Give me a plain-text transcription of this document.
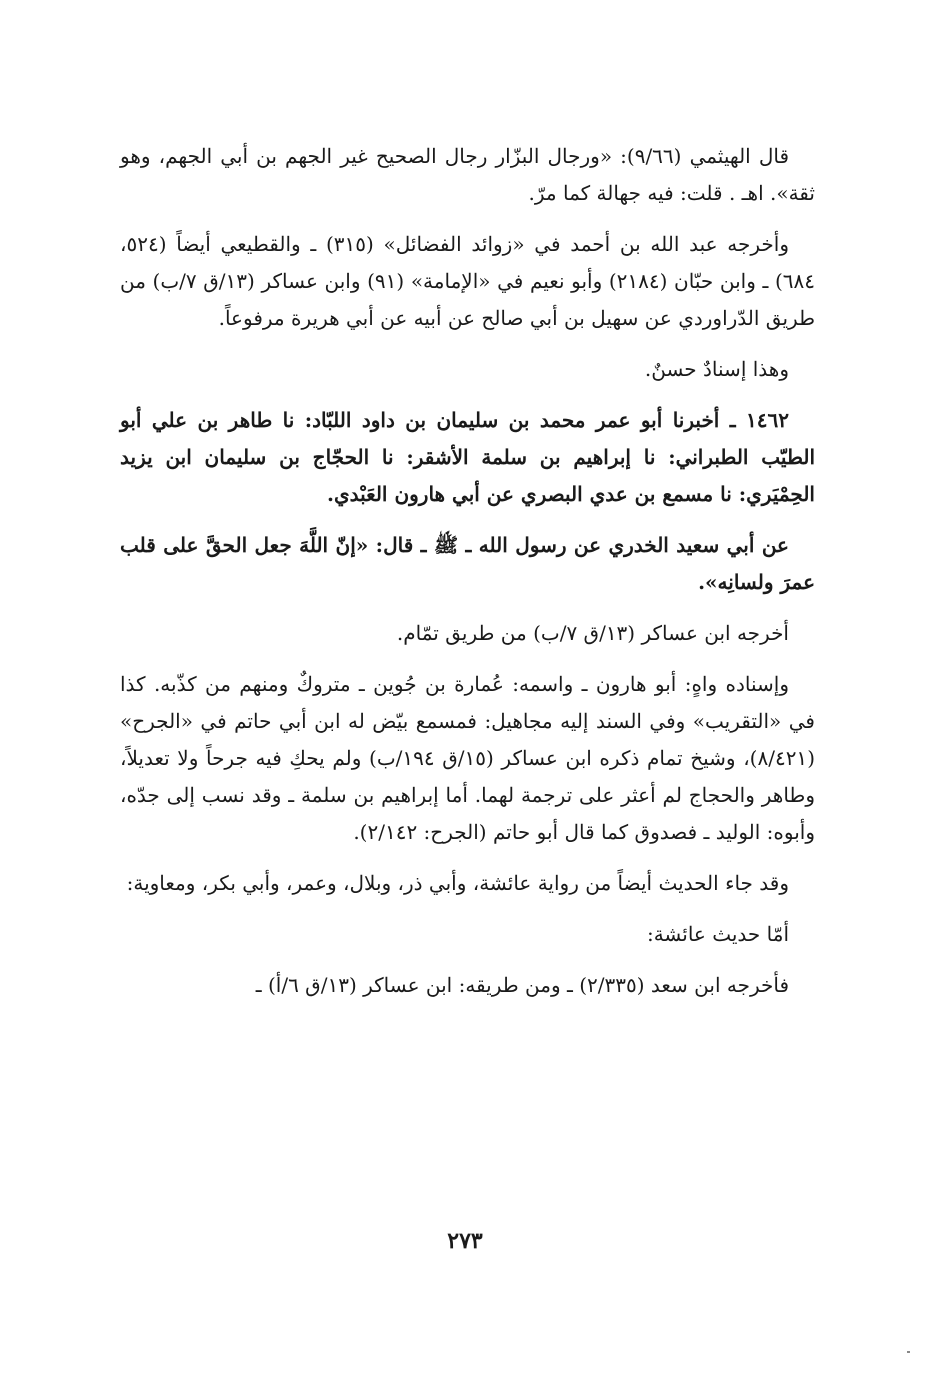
قال الهيثمي (٩/٦٦): «ورجال البزّار رجال الصحيح غير الجهم بن أبي الجهم، وهو ثقة». اهـ . قلت: فيه جهالة كما مرّ.

وأخرجه عبد الله بن أحمد في «زوائد الفضائل» (٣١٥) ـ والقطيعي أيضاً (٥٢٤، ٦٨٤) ـ وابن حبّان (٢١٨٤) وأبو نعيم في «الإمامة» (٩١) وابن عساكر (١٣/ق ٧/ب) من طريق الدّراوردي عن سهيل بن أبي صالح عن أبيه عن أبي هريرة مرفوعاً.

وهذا إسنادٌ حسنٌ.

١٤٦٢ ـ أخبرنا أبو عمر محمد بن سليمان بن داود اللبّاد: نا طاهر بن علي أبو الطيّب الطبراني: نا إبراهيم بن سلمة الأشقر: نا الحجّاج بن سليمان ابن يزيد الحِمْيَري: نا مسمع بن عدي البصري عن أبي هارون العَبْدي.

عن أبي سعيد الخدري عن رسول الله ـ ﷺ ـ قال: «إنّ اللَّهَ جعل الحقَّ على قلب عمرَ ولسانِه».

أخرجه ابن عساكر (١٣/ق ٧/ب) من طريق تمّام.

وإسناده واهٍ: أبو هارون ـ واسمه: عُمارة بن جُوين ـ متروكٌ ومنهم من كذّبه. كذا في «التقريب» وفي السند إليه مجاهيل: فمسمع بيّض له ابن أبي حاتم في «الجرح» (٨/٤٢١)، وشيخ تمام ذكره ابن عساكر (١٥/ق ١٩٤/ب) ولم يحكِ فيه جرحاً ولا تعديلاً، وطاهر والحجاج لم أعثر على ترجمة لهما. أما إبراهيم بن سلمة ـ وقد نسب إلى جدّه، وأبوه: الوليد ـ فصدوق كما قال أبو حاتم (الجرح: ٢/١٤٢).

وقد جاء الحديث أيضاً من رواية عائشة، وأبي ذر، وبلال، وعمر، وأبي بكر، ومعاوية:

أمّا حديث عائشة:

فأخرجه ابن سعد (٢/٣٣٥) ـ ومن طريقه: ابن عساكر (١٣/ق ٦/أ) ـ

٢٧٣
